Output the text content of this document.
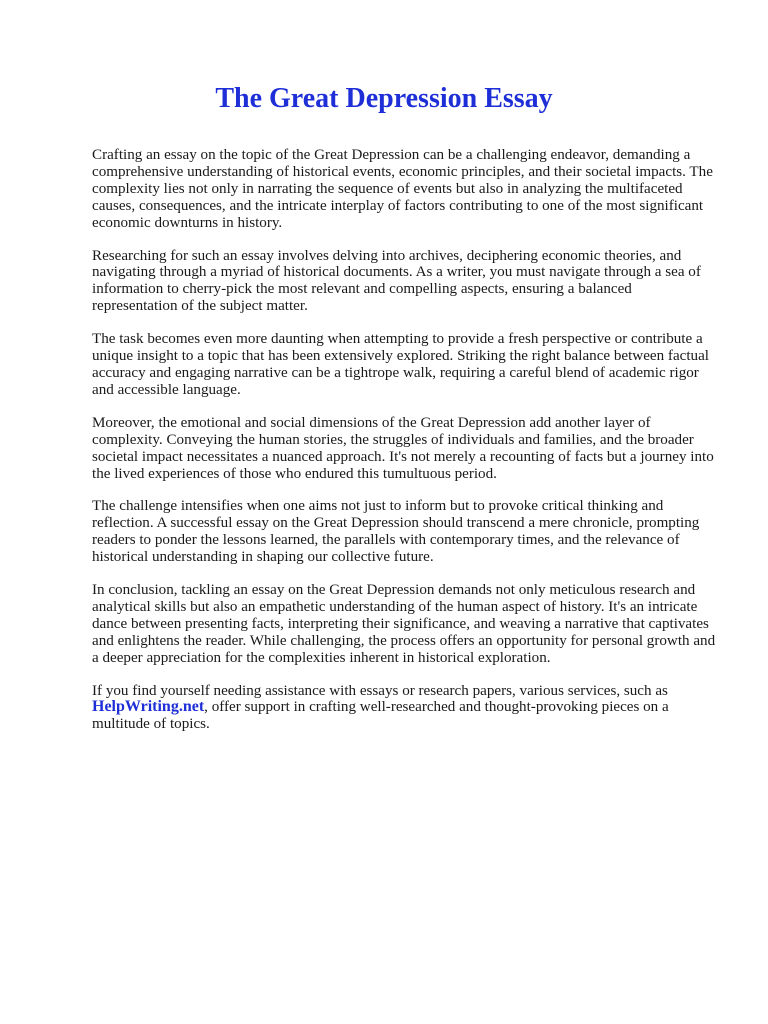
The Great Depression Essay

Crafting an essay on the topic of the Great Depression can be a challenging endeavor, demanding a comprehensive understanding of historical events, economic principles, and their societal impacts. The complexity lies not only in narrating the sequence of events but also in analyzing the multifaceted causes, consequences, and the intricate interplay of factors contributing to one of the most significant economic downturns in history.

Researching for such an essay involves delving into archives, deciphering economic theories, and navigating through a myriad of historical documents. As a writer, you must navigate through a sea of information to cherry-pick the most relevant and compelling aspects, ensuring a balanced representation of the subject matter.

The task becomes even more daunting when attempting to provide a fresh perspective or contribute a unique insight to a topic that has been extensively explored. Striking the right balance between factual accuracy and engaging narrative can be a tightrope walk, requiring a careful blend of academic rigor and accessible language.

Moreover, the emotional and social dimensions of the Great Depression add another layer of complexity. Conveying the human stories, the struggles of individuals and families, and the broader societal impact necessitates a nuanced approach. It's not merely a recounting of facts but a journey into the lived experiences of those who endured this tumultuous period.

The challenge intensifies when one aims not just to inform but to provoke critical thinking and reflection. A successful essay on the Great Depression should transcend a mere chronicle, prompting readers to ponder the lessons learned, the parallels with contemporary times, and the relevance of historical understanding in shaping our collective future.

In conclusion, tackling an essay on the Great Depression demands not only meticulous research and analytical skills but also an empathetic understanding of the human aspect of history. It's an intricate dance between presenting facts, interpreting their significance, and weaving a narrative that captivates and enlightens the reader. While challenging, the process offers an opportunity for personal growth and a deeper appreciation for the complexities inherent in historical exploration.

If you find yourself needing assistance with essays or research papers, various services, such as HelpWriting.net, offer support in crafting well-researched and thought-provoking pieces on a multitude of topics.
